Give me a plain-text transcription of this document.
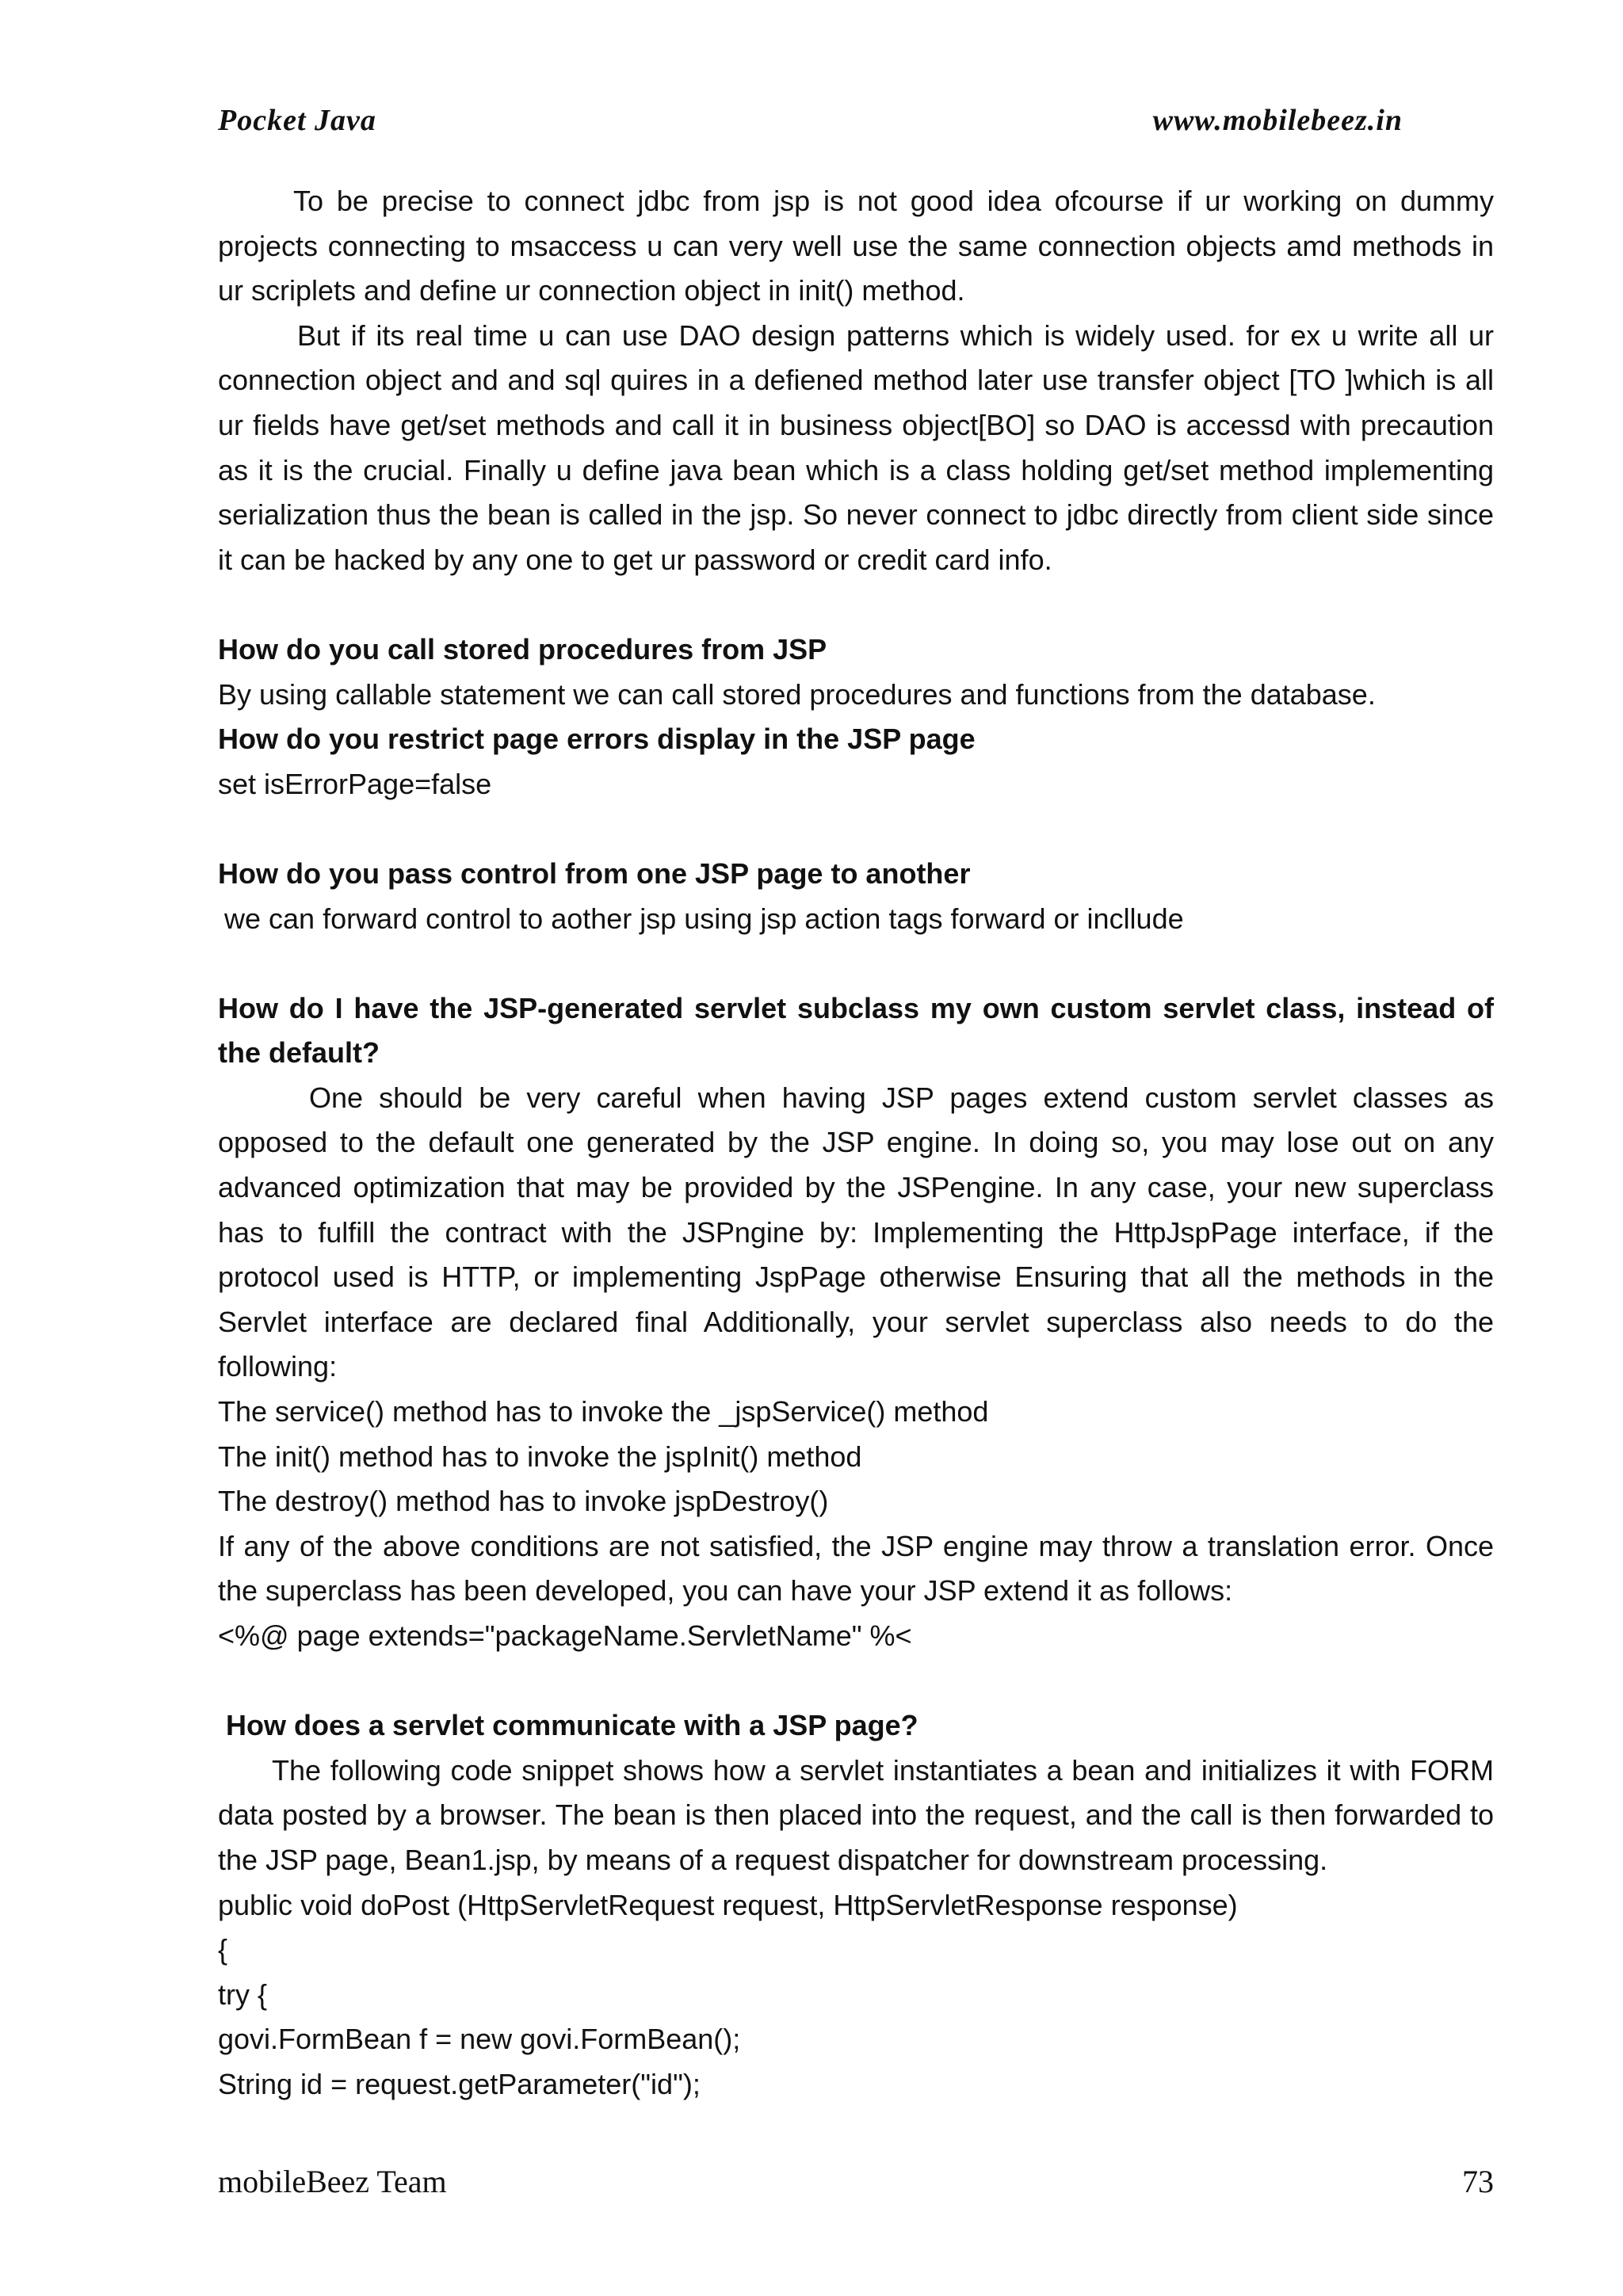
Pocket Java	www.mobilebeez.in

To be precise to connect jdbc from jsp is not good idea ofcourse if ur working on dummy projects connecting to msaccess u can very well use the same connection objects amd methods in ur scriplets and define ur connection object in init() method.

But if its real time u can use DAO design patterns which is widely used. for ex u write all ur connection object and and sql quires in a defiened method later use transfer object [TO ]which is all ur fields have get/set methods and call it in business object[BO] so DAO is accessd with precaution as it is the crucial. Finally u define java bean which is a class holding get/set method implementing serialization thus the bean is called in the jsp. So never connect to jdbc directly from client side since it can be hacked by any one to get ur password or credit card info.

How do you call stored procedures from JSP

By using callable statement we can call stored procedures and functions from the database.

How do you restrict page errors display in the JSP page

set isErrorPage=false

How do you pass control from one JSP page to another

we can forward control to aother jsp using jsp action tags forward or incllude

How do I have the JSP-generated servlet subclass my own custom servlet class, instead of the default?

One should be very careful when having JSP pages extend custom servlet classes as opposed to the default one generated by the JSP engine. In doing so, you may lose out on any advanced optimization that may be provided by the JSPengine. In any case, your new superclass has to fulfill the contract with the JSPngine by: Implementing the HttpJspPage interface, if the protocol used is HTTP, or implementing JspPage otherwise Ensuring that all the methods in the Servlet interface are declared final Additionally, your servlet superclass also needs to do the following:

The service() method has to invoke the _jspService() method

The init() method has to invoke the jspInit() method

The destroy() method has to invoke jspDestroy()

If any of the above conditions are not satisfied, the JSP engine may throw a translation error. Once the superclass has been developed, you can have your JSP extend it as follows:

<%@ page extends="packageName.ServletName" %<

How does a servlet communicate with a JSP page?

The following code snippet shows how a servlet instantiates a bean and initializes it with FORM data posted by a browser. The bean is then placed into the request, and the call is then forwarded to the JSP page, Bean1.jsp, by means of a request dispatcher for downstream processing.

public void doPost (HttpServletRequest request, HttpServletResponse response)

{

try {

govi.FormBean f = new govi.FormBean();

String id = request.getParameter("id");

mobileBeez Team	73
